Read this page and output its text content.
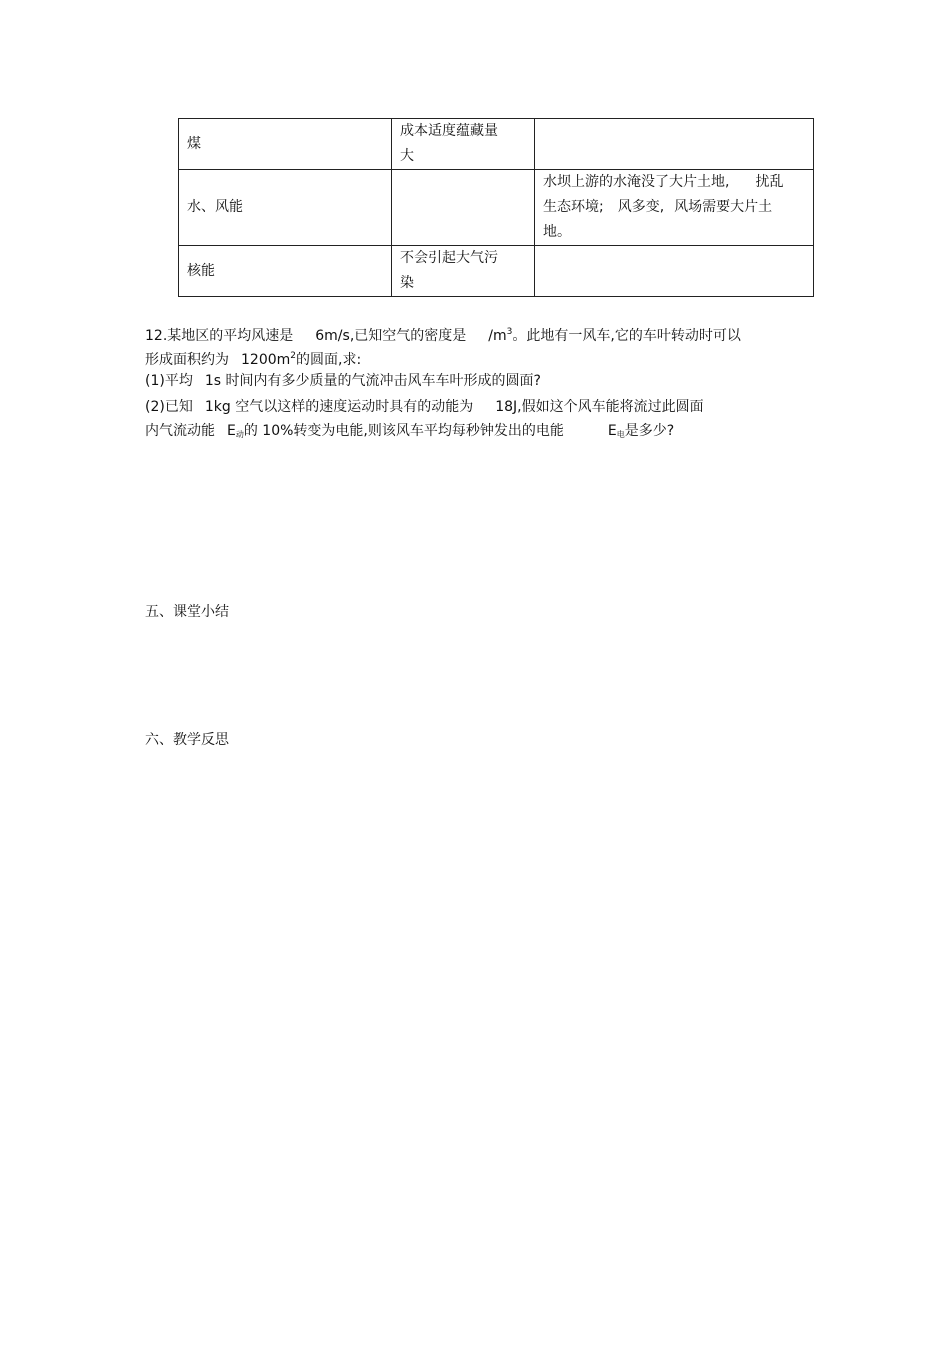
煤	成本适度蕴藏量
大	
水、风能		水坝上游的水淹没了大片土地, 扰乱
生态环境; 风多变, 风场需要大片土
地。
核能	不会引起大气污
染	
12.某地区的平均风速是 6m/s,已知空气的密度是 $/m^3$。此地有一风车,它的车叶转动时可以
形成面积约为 $1200m^2$的圆面,求:
(1)平均 1s 时间内有多少质量的气流冲击风车车叶形成的圆面?
(2)已知 1kg 空气以这样的速度运动时具有的动能为 18J,假如这个风车能将流过此圆面
内气流动能 $E_动$的 10%转变为电能,则该风车平均每秒钟发出的电能	$E_电$是多少?
五、课堂小结
六、教学反思
